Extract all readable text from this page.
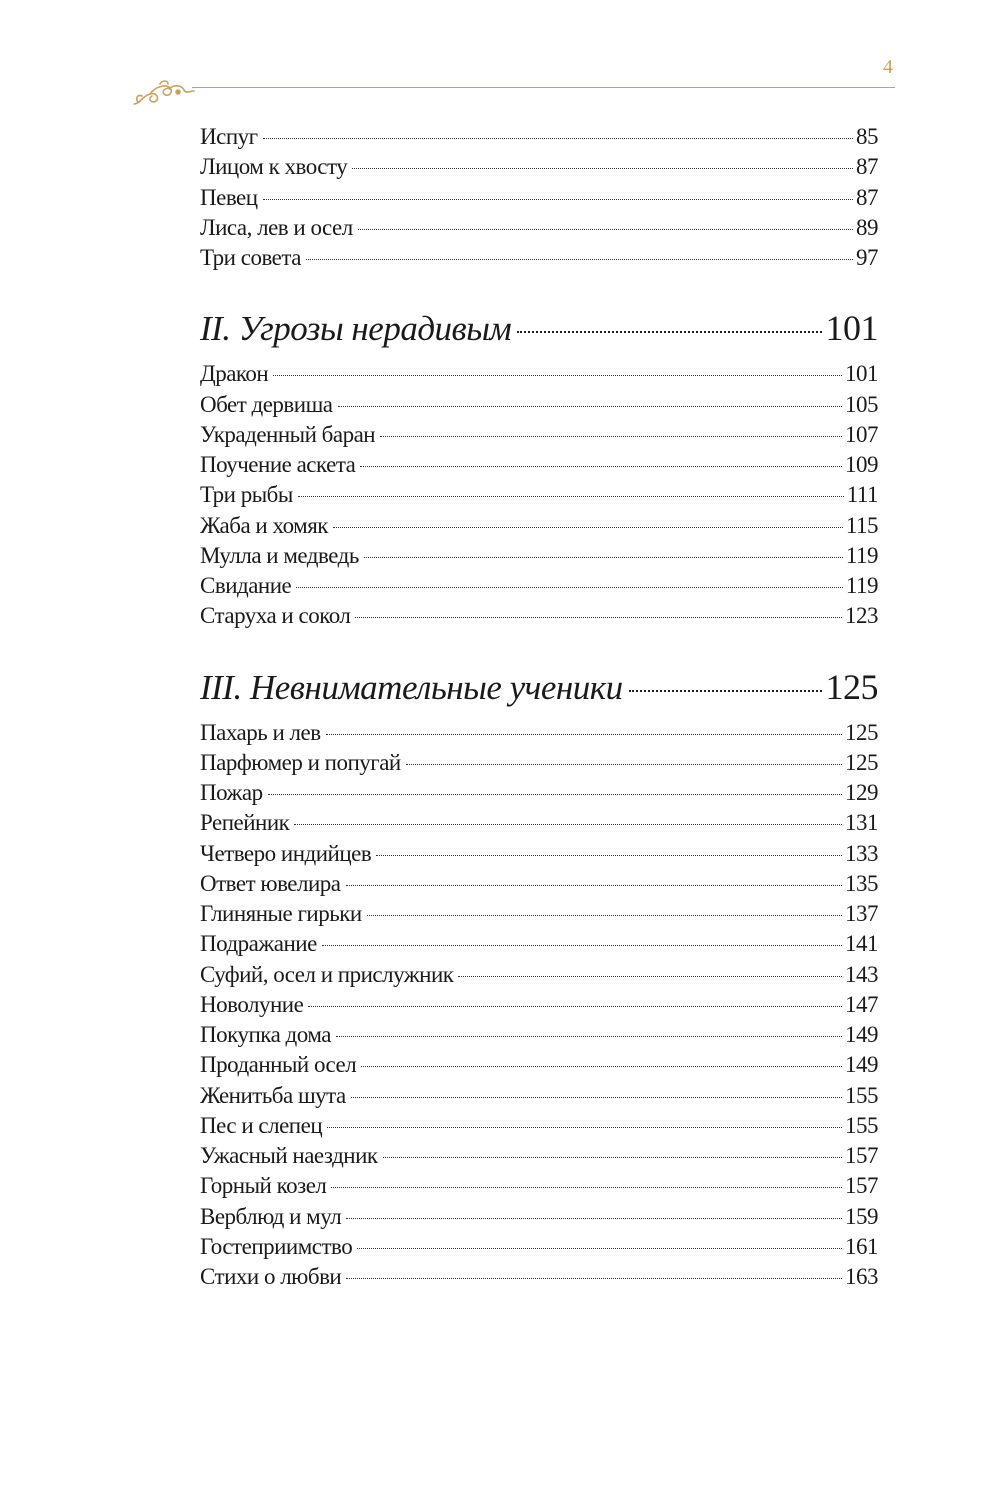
4
Испуг	85
Лицом к хвосту	87
Певец	87
Лиса, лев и осел	89
Три совета	97
II. Угрозы нерадивым	101
Дракон	101
Обет дервиша	105
Украденный баран	107
Поучение аскета	109
Три рыбы	111
Жаба и хомяк	115
Мулла и медведь	119
Свидание	119
Старуха и сокол	123
III. Невнимательные ученики	125
Пахарь и лев	125
Парфюмер и попугай	125
Пожар	129
Репейник	131
Четверо индийцев	133
Ответ ювелира	135
Глиняные гирьки	137
Подражание	141
Суфий, осел и прислужник	143
Новолуние	147
Покупка дома	149
Проданный осел	149
Женитьба шута	155
Пес и слепец	155
Ужасный наездник	157
Горный козел	157
Верблюд и мул	159
Гостеприимство	161
Стихи о любви	163
